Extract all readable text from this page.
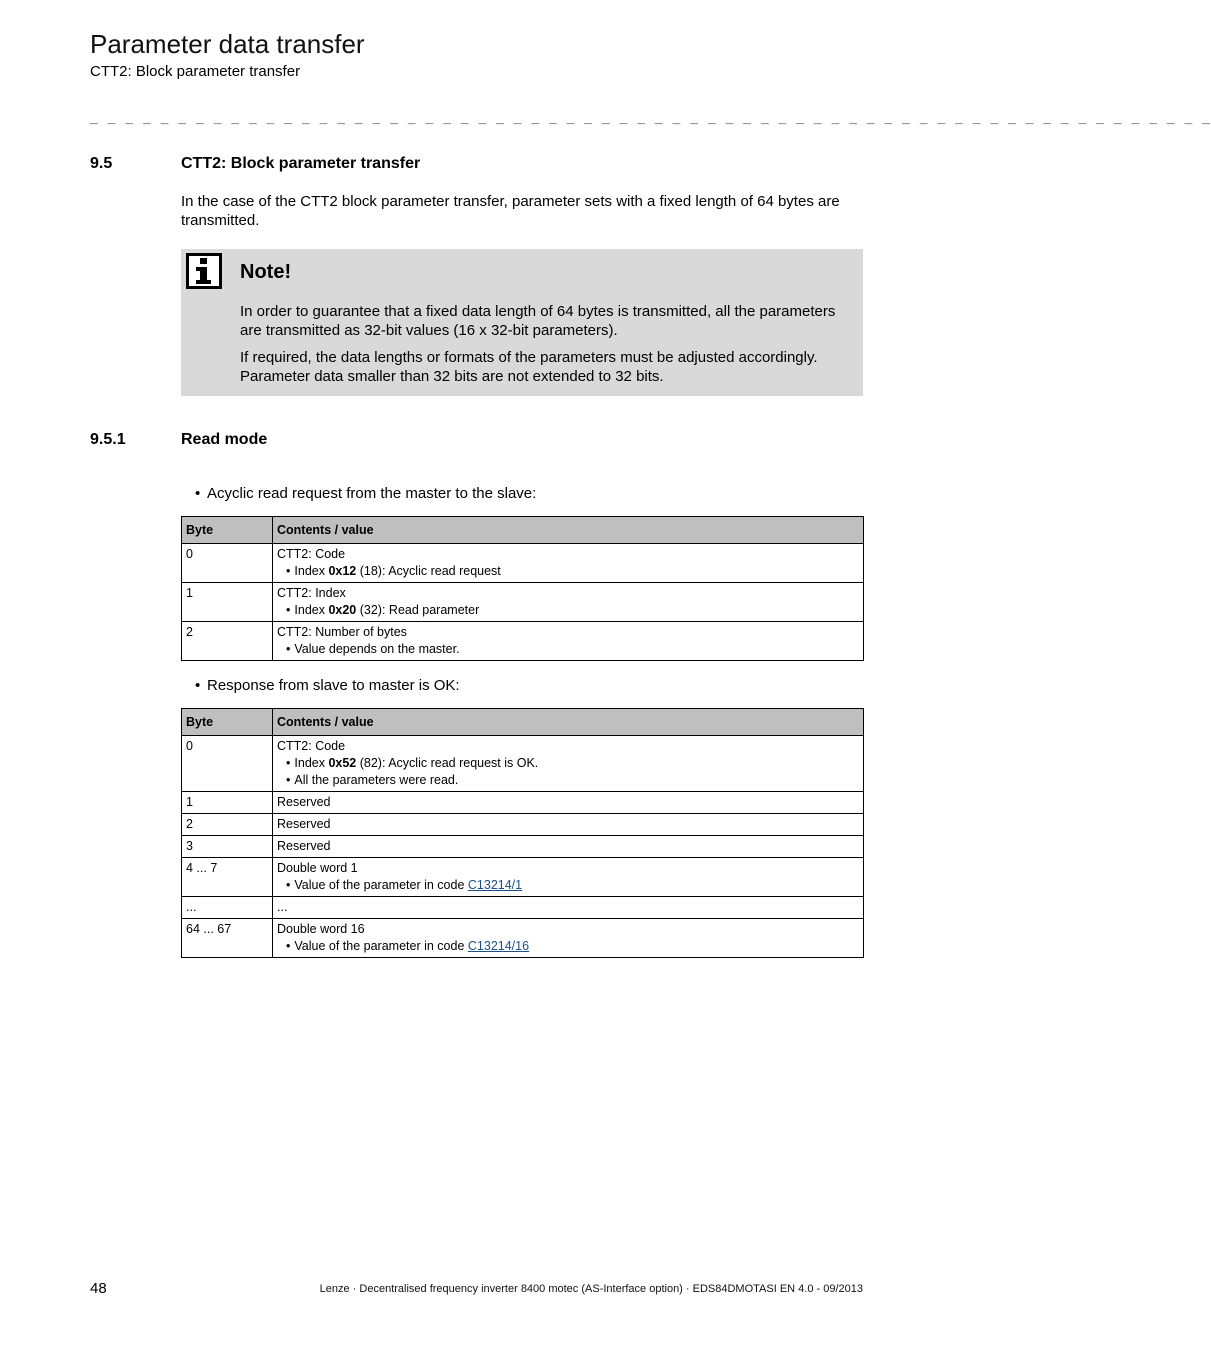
Parameter data transfer
CTT2: Block parameter transfer
_ _ _ _ _ _ _ _ _ _ _ _ _ _ _ _ _ _ _ _ _ _ _ _ _ _ _ _ _ _ _ _ _ _ _ _ _ _ _ _ _ _ _ _ _ _ _ _ _ _ _ _ _ _ _ _ _ _ _ _ _ _ _ _
9.5	CTT2: Block parameter transfer
In the case of the CTT2 block parameter transfer, parameter sets with a fixed length of 64 bytes are transmitted.
Note!
In order to guarantee that a fixed data length of 64 bytes is transmitted, all the parameters are transmitted as 32-bit values (16 x 32-bit parameters).
If required, the data lengths or formats of the parameters must be adjusted accordingly. Parameter data smaller than 32 bits are not extended to 32 bits.
9.5.1	Read mode
• Acyclic read request from the master to the slave:
Byte	Contents / value
0	CTT2: Code
• Index 0x12 (18): Acyclic read request

1	CTT2: Index
• Index 0x20 (32): Read parameter

2	CTT2: Number of bytes
• Value depends on the master.
• Response from slave to master is OK:
Byte	Contents / value
0	CTT2: Code
• Index 0x52 (82): Acyclic read request is OK.
• All the parameters were read.

1	Reserved
2	Reserved
3	Reserved
4 ... 7	Double word 1
• Value of the parameter in code C13214/1

...	...
64 ... 67	Double word 16
• Value of the parameter in code C13214/16
48	Lenze · Decentralised frequency inverter 8400 motec (AS-Interface option) · EDS84DMOTASI EN 4.0 - 09/2013
